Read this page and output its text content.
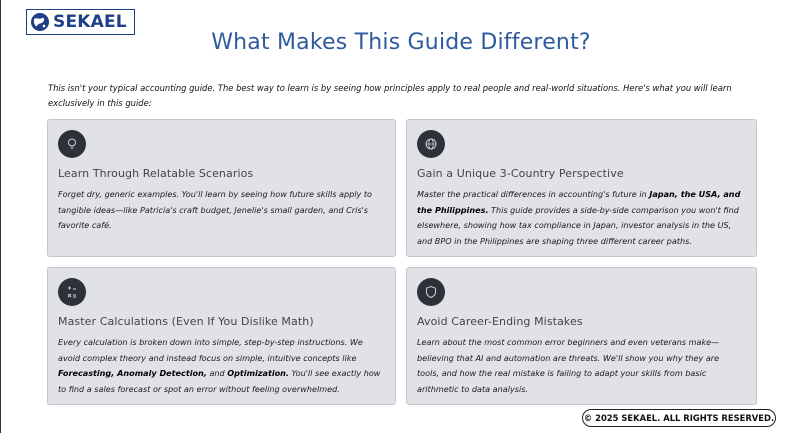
SEKAEL
What Makes This Guide Different?

This isn't your typical accounting guide. The best way to learn is by seeing how principles apply to real people and real-world situations. Here's what you will learn exclusively in this guide:

Learn Through Relatable Scenarios
Forget dry, generic examples. You'll learn by seeing how future skills apply to tangible ideas—like Patricia's craft budget, Jenelie's small garden, and Cris's favorite café.
Gain a Unique 3-Country Perspective
Master the practical differences in accounting's future in Japan, the USA, and the Philippines. This guide provides a side-by-side comparison you won't find elsewhere, showing how tax compliance in Japan, investor analysis in the US, and BPO in the Philippines are shaping three different career paths.
Master Calculations (Even If You Dislike Math)
Every calculation is broken down into simple, step-by-step instructions. We avoid complex theory and instead focus on simple, intuitive concepts like Forecasting, Anomaly Detection, and Optimization. You'll see exactly how to find a sales forecast or spot an error without feeling overwhelmed.
Avoid Career-Ending Mistakes
Learn about the most common error beginners and even veterans make—believing that AI and automation are threats. We'll show you why they are tools, and how the real mistake is failing to adapt your skills from basic arithmetic to data analysis.
© 2025 SEKAEL. ALL RIGHTS RESERVED.
